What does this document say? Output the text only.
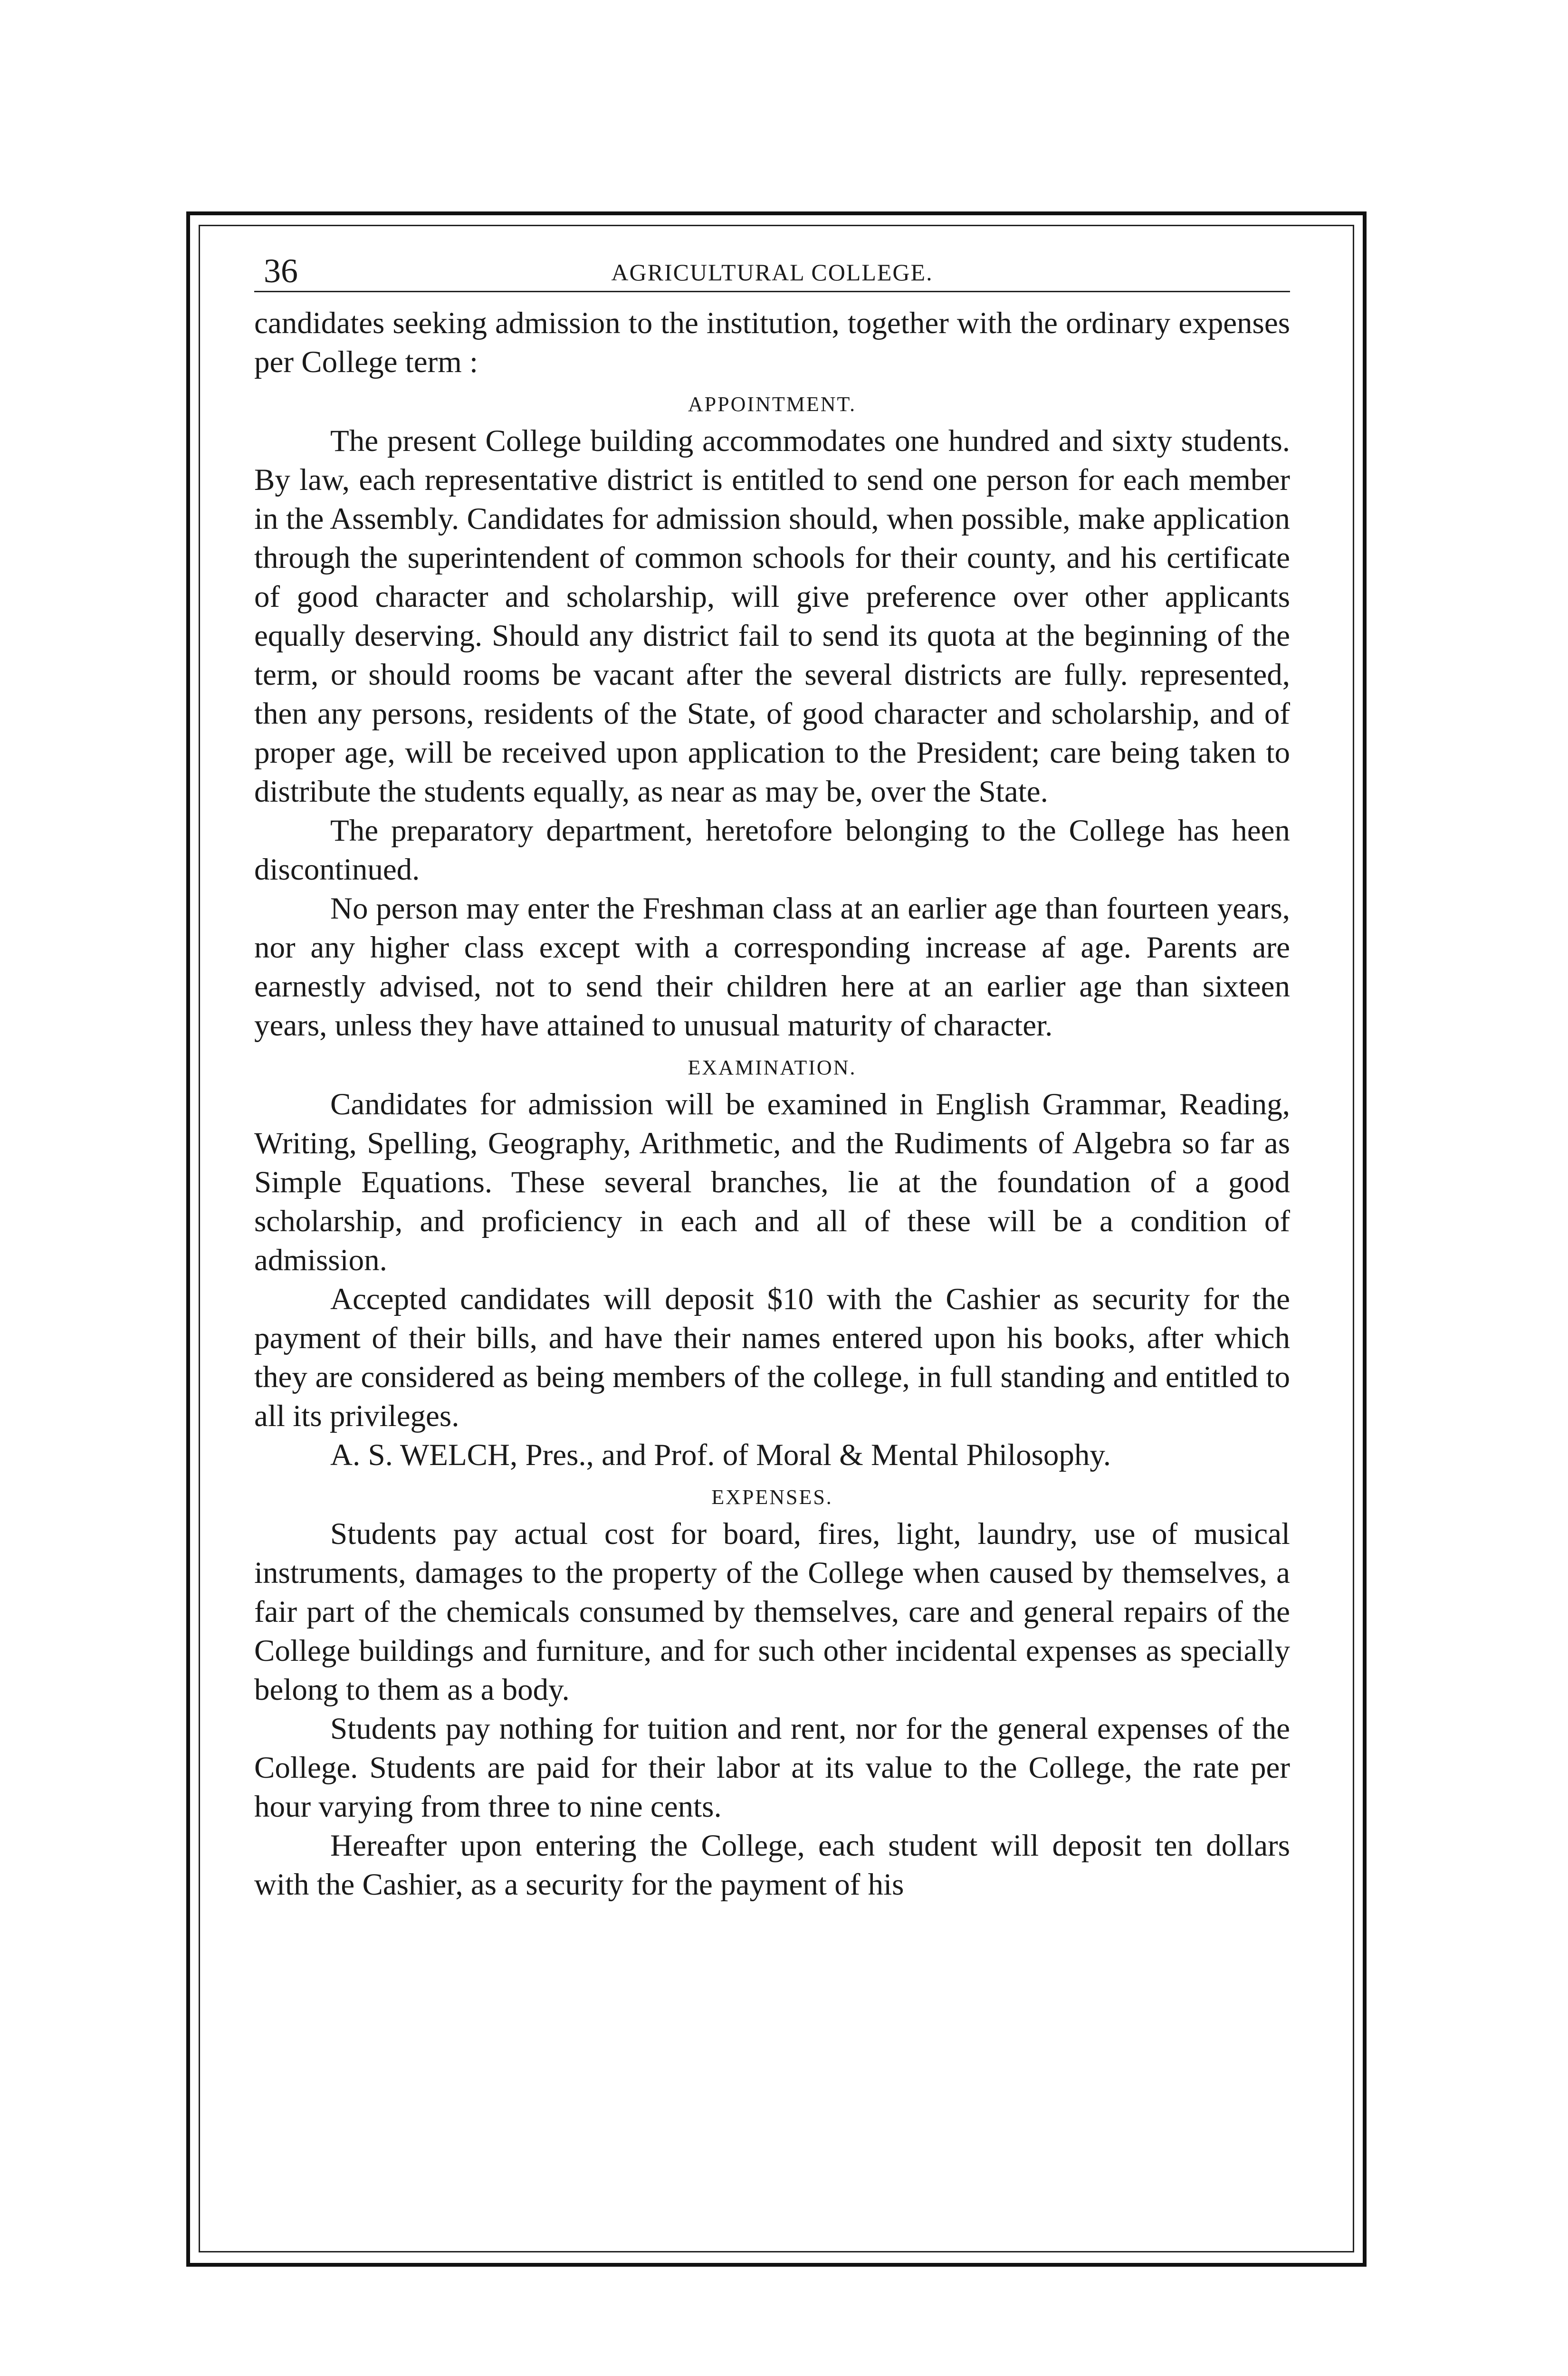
36	AGRICULTURAL COLLEGE.

candidates seeking admission to the institution, together with the ordinary expenses per College term :

APPOINTMENT.

The present College building accommodates one hundred and sixty students. By law, each representative district is entitled to send one person for each member in the Assembly. Candidates for admission should, when possible, make application through the superintendent of common schools for their county, and his certificate of good character and scholarship, will give preference over other applicants equally deserving. Should any district fail to send its quota at the beginning of the term, or should rooms be vacant after the several districts are fully. represented, then any persons, residents of the State, of good character and scholarship, and of proper age, will be received upon application to the President; care being taken to distribute the students equally, as near as may be, over the State.

The preparatory department, heretofore belonging to the College has heen discontinued.

No person may enter the Freshman class at an earlier age than fourteen years, nor any higher class except with a corresponding increase af age. Parents are earnestly advised, not to send their children here at an earlier age than sixteen years, unless they have attained to unusual maturity of character.

EXAMINATION.

Candidates for admission will be examined in English Grammar, Reading, Writing, Spelling, Geography, Arithmetic, and the Rudiments of Algebra so far as Simple Equations. These several branches, lie at the foundation of a good scholarship, and proficiency in each and all of these will be a condition of admission.

Accepted candidates will deposit $10 with the Cashier as security for the payment of their bills, and have their names entered upon his books, after which they are considered as being members of the college, in full standing and entitled to all its privileges.

A. S. WELCH, Pres., and Prof. of Moral & Mental Philosophy.

EXPENSES.

Students pay actual cost for board, fires, light, laundry, use of musical instruments, damages to the property of the College when caused by themselves, a fair part of the chemicals consumed by themselves, care and general repairs of the College buildings and furniture, and for such other incidental expenses as specially belong to them as a body.

Students pay nothing for tuition and rent, nor for the general expenses of the College. Students are paid for their labor at its value to the College, the rate per hour varying from three to nine cents.

Hereafter upon entering the College, each student will deposit ten dollars with the Cashier, as a security for the payment of his
